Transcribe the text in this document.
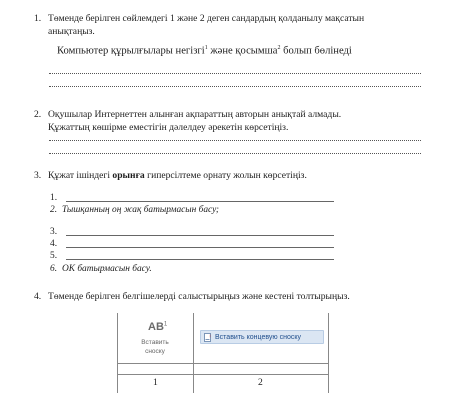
1. Төменде берілген сөйлемдегі 1 және 2 деген сандардың қолданылу мақсатын
анықтаңыз.
Компьютер құрылғылары негізгі$^1$ және қосымша$^2$ болып бөлінеді
2. Оқушылар Интернеттен алынған ақпараттың авторын анықтай алмады.
Құжаттың көшірме еместігін дәлелдеу әрекетін көрсетіңіз.
3. Құжат ішіндегі орынға гиперсілтеме орнату жолын көрсетіңіз.
1.
2. Тышқанның оң жақ батырмасын басу;
3.
4.
5.
6. ОК батырмасын басу.
4. Төменде берілген белгішелерді салыстырыңыз және кестені толтырыңыз.
$AB^1$
Вставить
сноску
i Вставить концевую сноску
1	2
